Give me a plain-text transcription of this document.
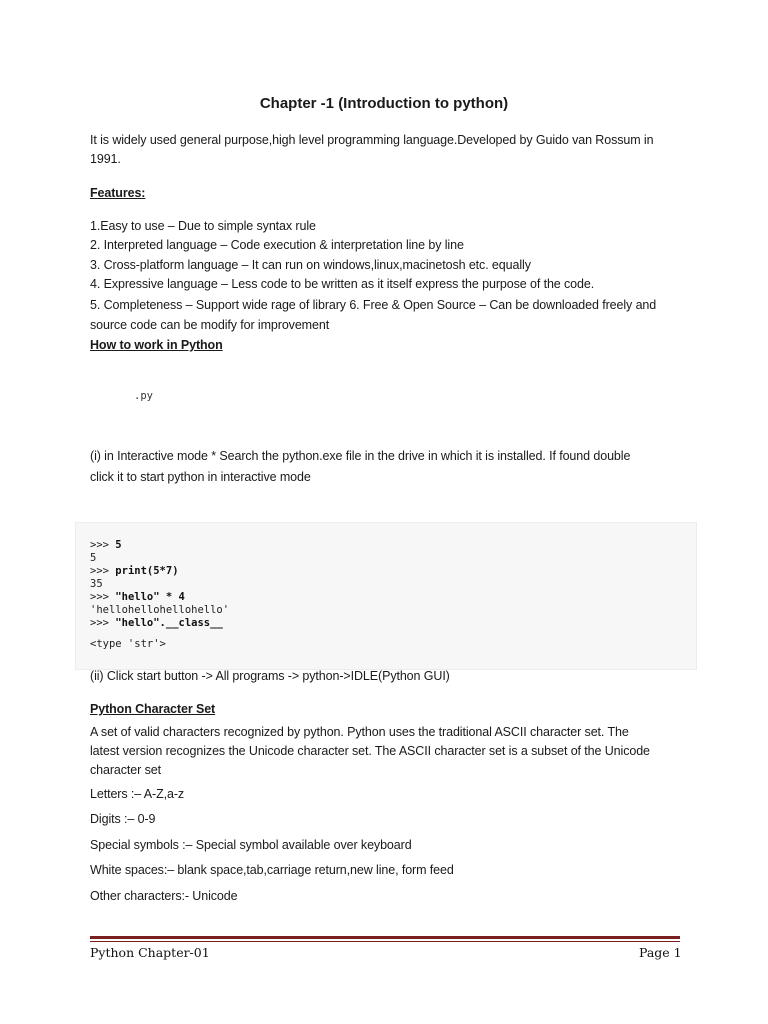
Chapter -1 (Introduction to python)
It is widely used general purpose,high level programming language.Developed by Guido van Rossum in
1991.
Features:
1.Easy to use – Due to simple syntax rule
2. Interpreted language – Code execution & interpretation line by line
3. Cross-platform language – It can run on windows,linux,macinetosh etc. equally
4. Expressive language – Less code to be written as it itself express the purpose of the code.
5. Completeness – Support wide rage of library 6. Free & Open Source – Can be downloaded freely and
source code can be modify for improvement
How to work in Python
.py
(i) in Interactive mode * Search the python.exe file in the drive in which it is installed. If found double
click it to start python in interactive mode
>>> 5
5
>>> print(5*7)
35
>>> "hello" * 4
'hellohellohellohello'
>>> "hello".__class__
<type 'str'>
(ii) Click start button -> All programs -> python->IDLE(Python GUI)
Python Character Set
A set of valid characters recognized by python. Python uses the traditional ASCII character set. The
latest version recognizes the Unicode character set. The ASCII character set is a subset of the Unicode
character set
Letters :– A-Z,a-z
Digits :– 0-9
Special symbols :– Special symbol available over keyboard
White spaces:– blank space,tab,carriage return,new line, form feed
Other characters:- Unicode
Python Chapter-01	Page 1
